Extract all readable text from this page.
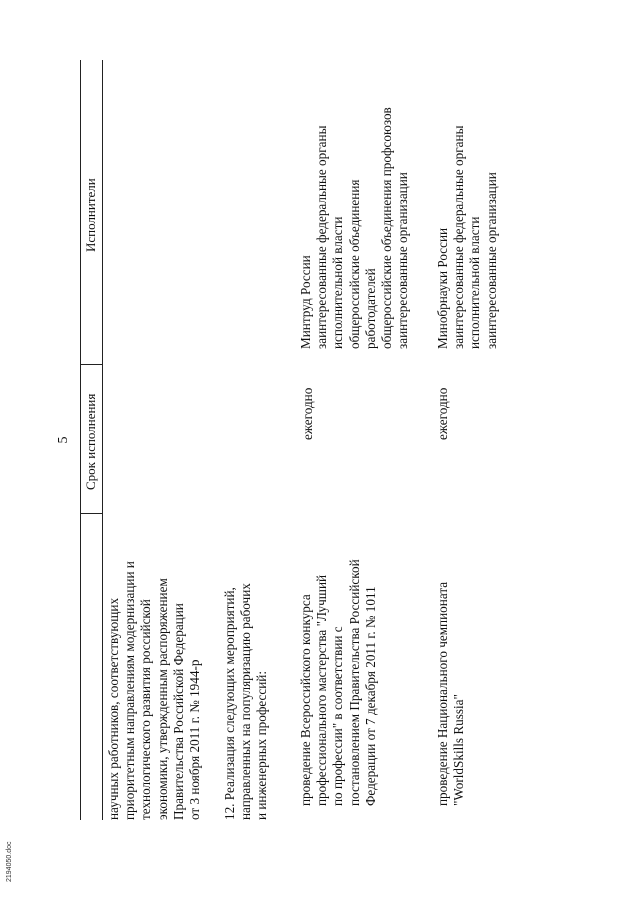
5 Срок исполнения
Исполнители
научных работников, соответствующих приоритетным направлениям модернизации и технологического развития российской экономики, утвержденным распоряжением Правительства Российской Федерации от 3 ноября 2011 г. № 1944-р 12. Реализация следующих мероприятий, направленных на популяризацию рабочих и инженерных профессий: проведение Всероссийского конкурса профессионального мастерства "Лучший по профессии" в соответствии с постановлением Правительства Российской Федерации от 7 декабря 2011 г. № 1011
ежегодно
Минтруд России заинтересованные федеральные органы исполнительной власти общероссийские объединения работодателей общероссийские объединения профсоюзов заинтересованные организации
проведение Национального чемпионата "WorldSkills Russia"
ежегодно
Минобрнауки России заинтересованные федеральные органы исполнительной власти заинтересованные организации
2194050.doc
